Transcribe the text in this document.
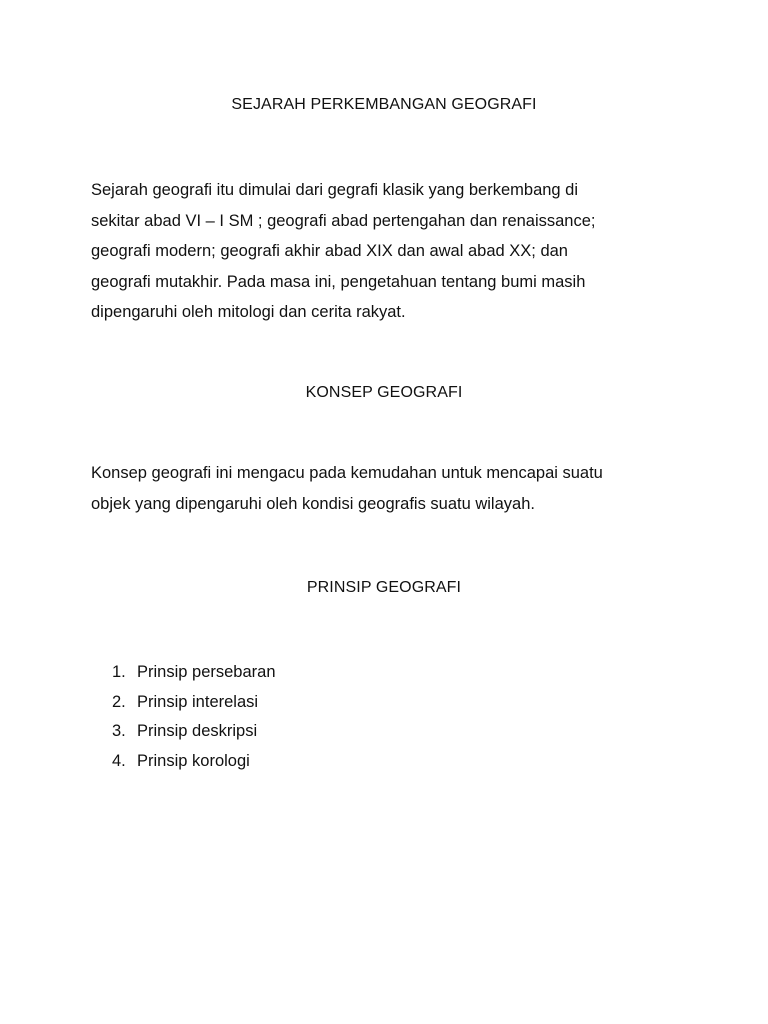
SEJARAH PERKEMBANGAN GEOGRAFI
Sejarah geografi itu dimulai dari gegrafi klasik yang berkembang di
sekitar abad VI – I SM ; geografi abad pertengahan dan renaissance;
geografi modern; geografi akhir abad XIX dan awal abad XX; dan
geografi mutakhir. Pada masa ini, pengetahuan tentang bumi masih
dipengaruhi oleh mitologi dan cerita rakyat.
KONSEP GEOGRAFI
Konsep geografi ini mengacu pada kemudahan untuk mencapai suatu
objek yang dipengaruhi oleh kondisi geografis suatu wilayah.
PRINSIP GEOGRAFI
1. Prinsip persebaran
2. Prinsip interelasi
3. Prinsip deskripsi
4. Prinsip korologi
